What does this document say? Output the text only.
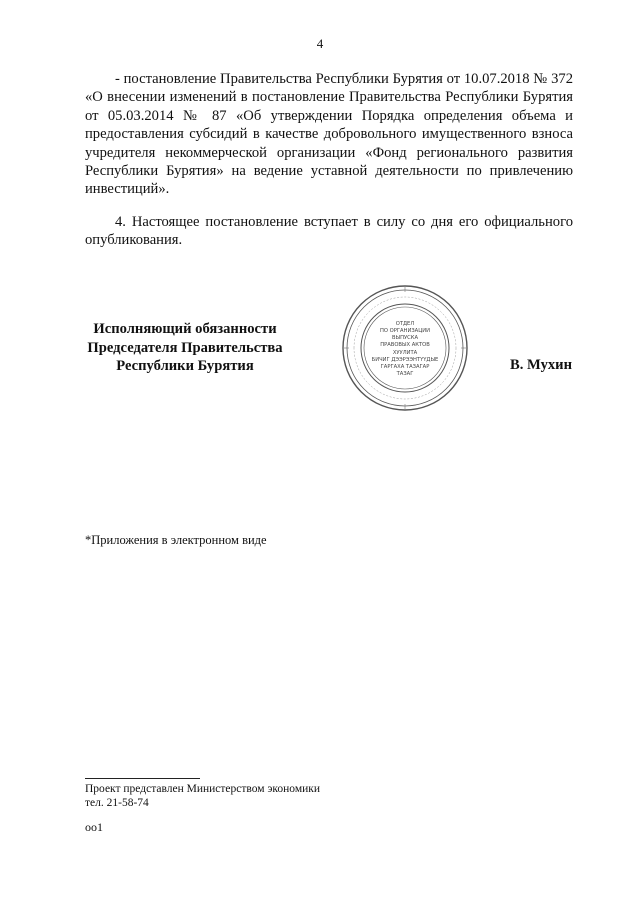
4

- постановление Правительства Республики Бурятия от 10.07.2018 № 372 «О внесении изменений в постановление Правительства Республики Бурятия от 05.03.2014 № 87 «Об утверждении Порядка определения объема и предоставления субсидий в качестве добровольного имущественного взноса учредителя некоммерческой организации «Фонд регионального развития Республики Бурятия» на ведение уставной деятельности по привлечению инвестиций».

4. Настоящее постановление вступает в силу со дня его официального опубликования.

Исполняющий обязанности
Председателя Правительства
Республики Бурятия
ОТДЕЛ
ПО ОРГАНИЗАЦИИ
ВЫПУСКА
ПРАВОВЫХ АКТОВ
ХУУЛИТА
БИЧИГ ДЭЭРЭЭНТҮҮДЫЕ
ГАРГАХА ТАЗАГАР
ТАЗАГ
В. Мухин
*Приложения в электронном виде
Проект представлен Министерством экономики
тел. 21-58-74
oo1
